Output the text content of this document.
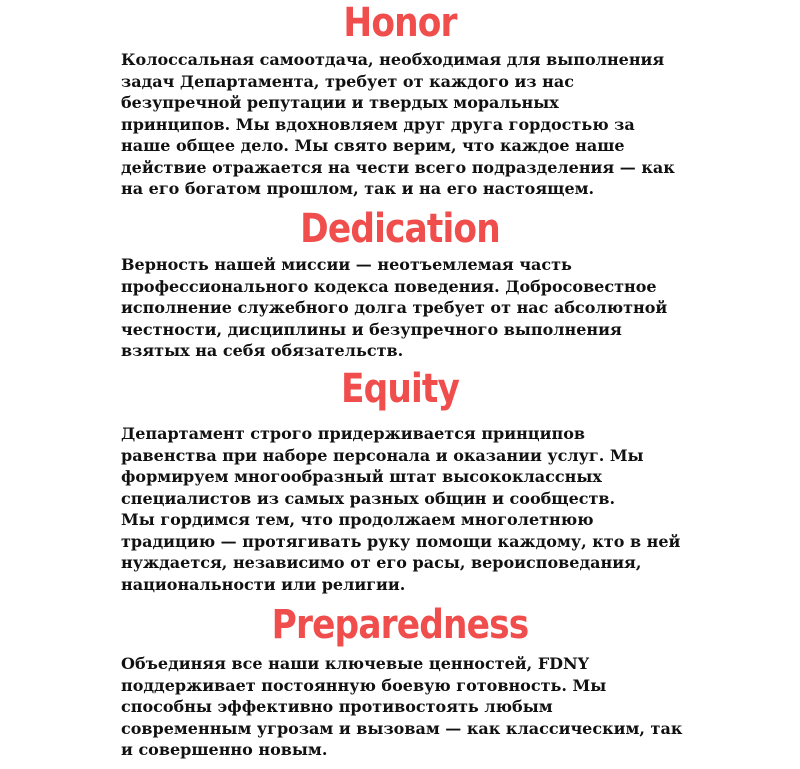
Honor
Колоссальная самоотдача, необходимая для выполнения
задач Департамента, требует от каждого из нас
безупречной репутации и твердых моральных
принципов. Мы вдохновляем друг друга гордостью за
наше общее дело. Мы свято верим, что каждое наше
действие отражается на чести всего подразделения — как
на его богатом прошлом, так и на его настоящем.
Dedication
Верность нашей миссии — неотъемлемая часть
профессионального кодекса поведения. Добросовестное
исполнение служебного долга требует от нас абсолютной
честности, дисциплины и безупречного выполнения
взятых на себя обязательств.
Equity
Департамент строго придерживается принципов
равенства при наборе персонала и оказании услуг. Мы
формируем многообразный штат высококлассных
специалистов из самых разных общин и сообществ.
Мы гордимся тем, что продолжаем многолетнюю
традицию — протягивать руку помощи каждому, кто в ней
нуждается, независимо от его расы, вероисповедания,
национальности или религии.
Preparedness
Объединяя все наши ключевые ценностей, FDNY
поддерживает постоянную боевую готовность. Мы
способны эффективно противостоять любым
современным угрозам и вызовам — как классическим, так
и совершенно новым.
